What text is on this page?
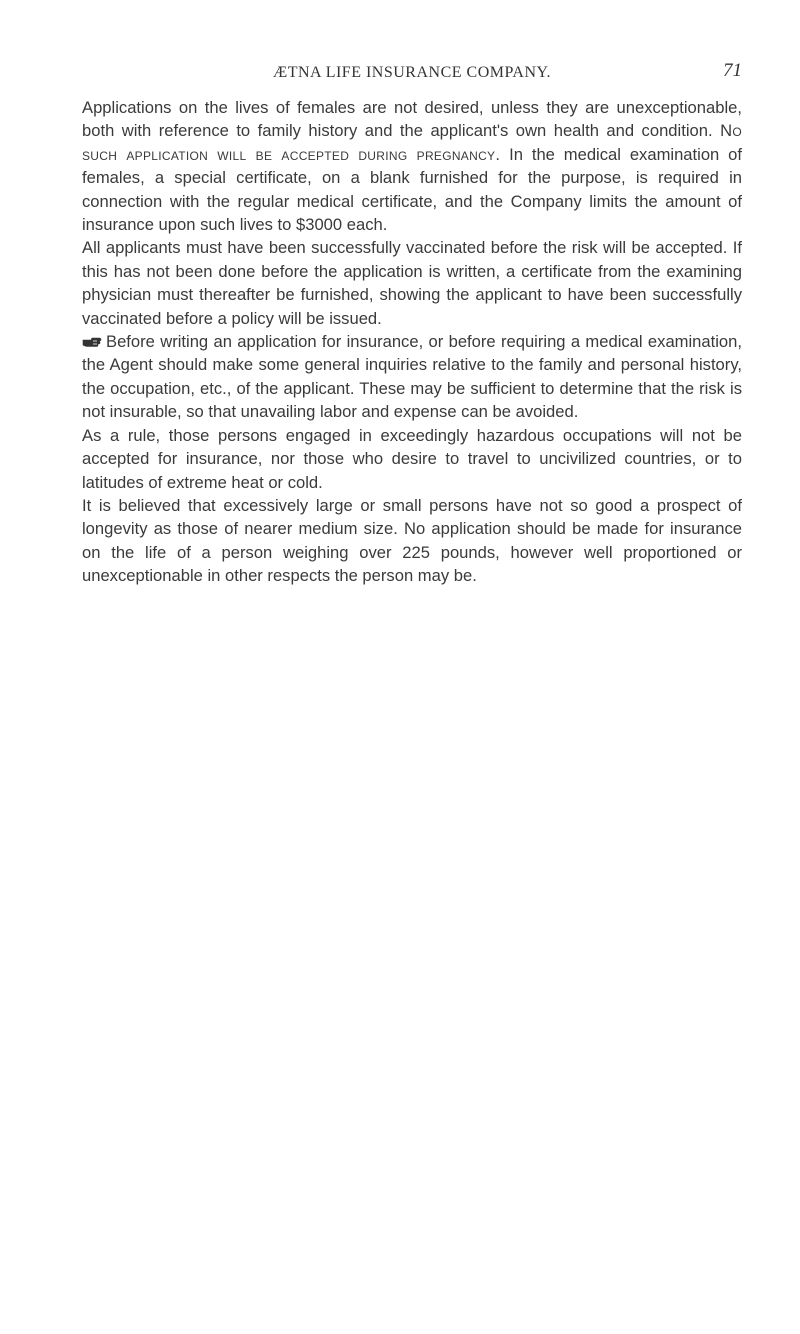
ÆTNA LIFE INSURANCE COMPANY.	71

Applications on the lives of females are not desired, unless they are unexceptionable, both with reference to family history and the applicant's own health and condition. No such application will be accepted during pregnancy. In the medical examination of females, a special certificate, on a blank furnished for the purpose, is required in connection with the regular medical certificate, and the Company limits the amount of insurance upon such lives to $3000 each.

All applicants must have been successfully vaccinated before the risk will be accepted. If this has not been done before the application is written, a certificate from the examining physician must thereafter be furnished, showing the applicant to have been successfully vaccinated before a policy will be issued.

Before writing an application for insurance, or before requiring a medical examination, the Agent should make some general inquiries relative to the family and personal history, the occupation, etc., of the applicant. These may be sufficient to determine that the risk is not insurable, so that unavailing labor and expense can be avoided.

As a rule, those persons engaged in exceedingly hazardous occupations will not be accepted for insurance, nor those who desire to travel to uncivilized countries, or to latitudes of extreme heat or cold.

It is believed that excessively large or small persons have not so good a prospect of longevity as those of nearer medium size. No application should be made for insurance on the life of a person weighing over 225 pounds, however well proportioned or unexceptionable in other respects the person may be.
